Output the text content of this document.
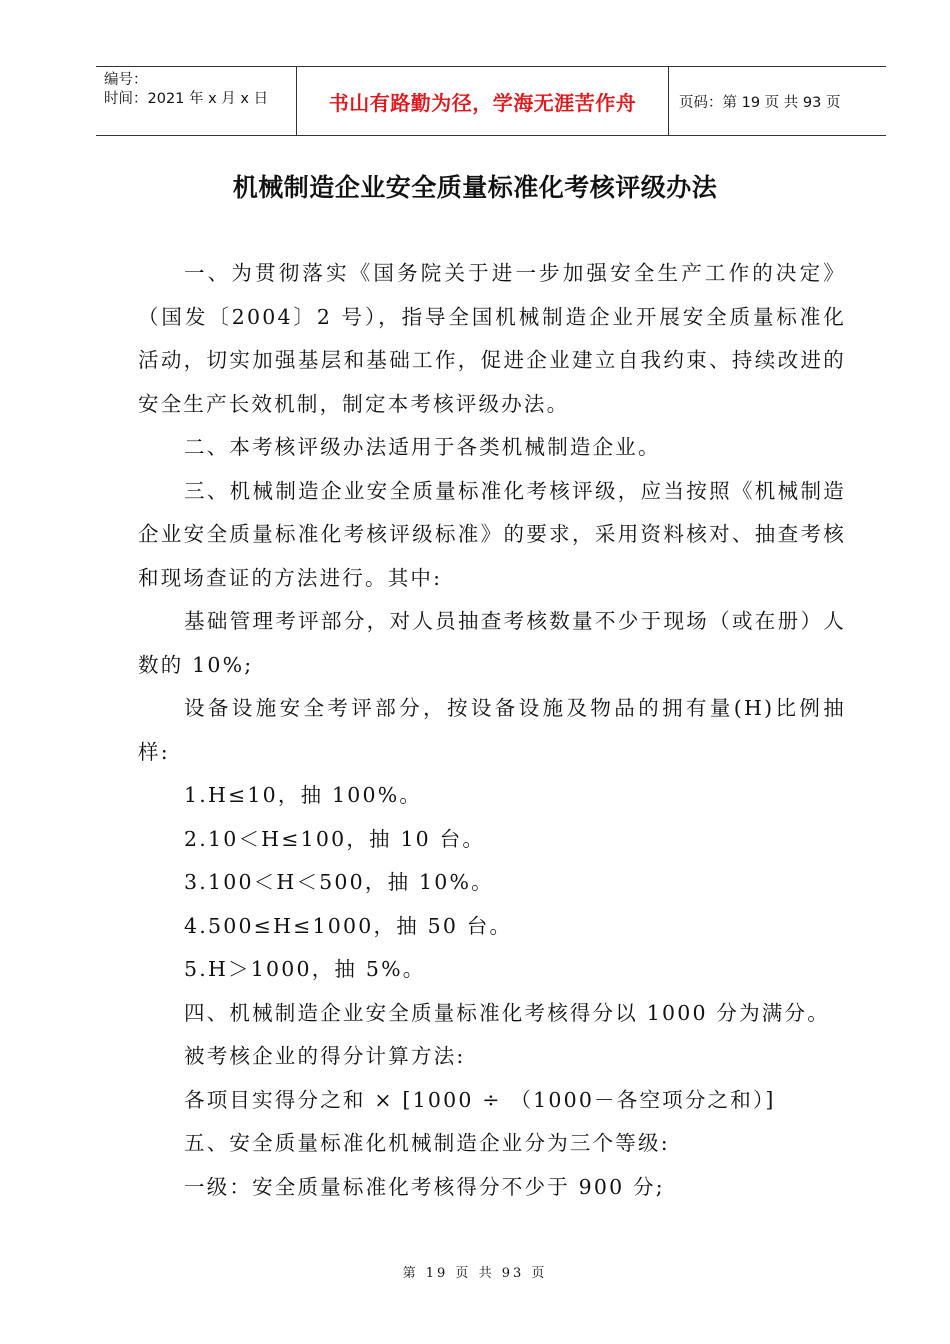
编号：
时间：2021 年 x 月 x 日	书山有路勤为径，学海无涯苦作舟	页码：第 19 页 共 93 页
机械制造企业安全质量标准化考核评级办法

一、为贯彻落实《国务院关于进一步加强安全生产工作的决定》（国发〔2004〕2 号），指导全国机械制造企业开展安全质量标准化活动，切实加强基层和基础工作，促进企业建立自我约束、持续改进的安全生产长效机制，制定本考核评级办法。

二、本考核评级办法适用于各类机械制造企业。

三、机械制造企业安全质量标准化考核评级，应当按照《机械制造企业安全质量标准化考核评级标准》的要求，采用资料核对、抽查考核和现场查证的方法进行。其中:

基础管理考评部分，对人员抽查考核数量不少于现场（或在册）人数的 10%;

设备设施安全考评部分，按设备设施及物品的拥有量(H)比例抽样:

1.H≤10，抽 100%。

2.10＜H≤100，抽 10 台。

3.100＜H＜500，抽 10%。

4.500≤H≤1000，抽 50 台。

5.H＞1000，抽 5%。

四、机械制造企业安全质量标准化考核得分以 1000 分为满分。

被考核企业的得分计算方法:

各项目实得分之和 × [1000 ÷ （1000－各空项分之和）]

五、安全质量标准化机械制造企业分为三个等级:

一级：安全质量标准化考核得分不少于 900 分;

第 19 页 共 93 页
